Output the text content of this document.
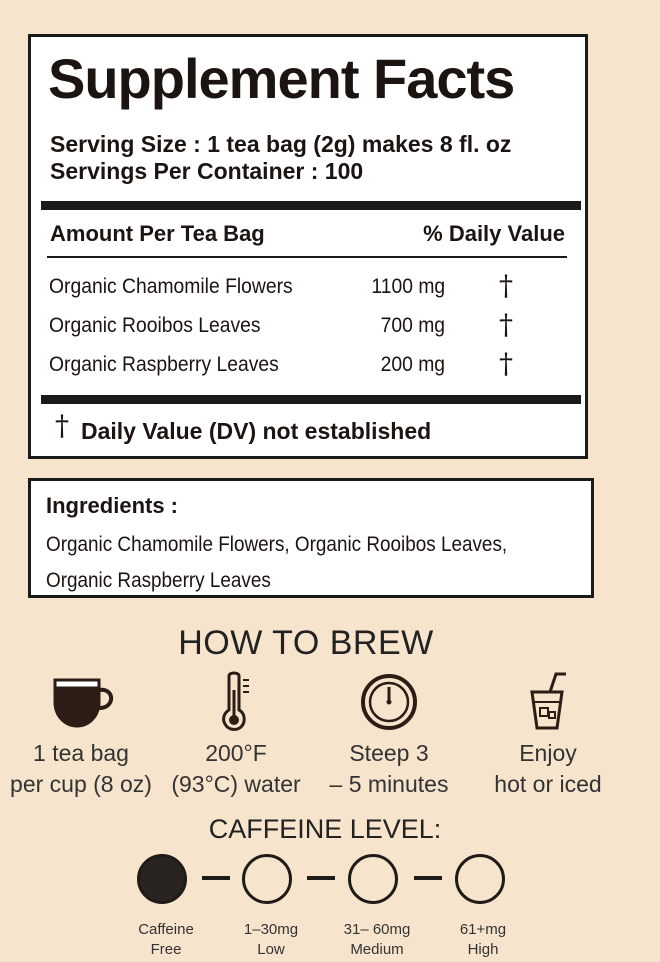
Supplement Facts
Serving Size : 1 tea bag (2g) makes 8 fl. oz
Servings Per Container : 100
Amount Per Tea Bag	% Daily Value
Organic Chamomile Flowers	1100 mg †
Organic Rooibos Leaves	700 mg †
Organic Raspberry Leaves	200 mg †
† Daily Value (DV) not established
Ingredients :
Organic Chamomile Flowers, Organic Rooibos Leaves,
Organic Raspberry Leaves
HOW TO BREW
1 tea bag
per cup (8 oz)
200°F
(93°C) water
Steep 3
– 5 minutes
Enjoy
hot or iced
CAFFEINE LEVEL:
Caffeine
Free
1–30mg
Low
31– 60mg
Medium
61+mg
High
